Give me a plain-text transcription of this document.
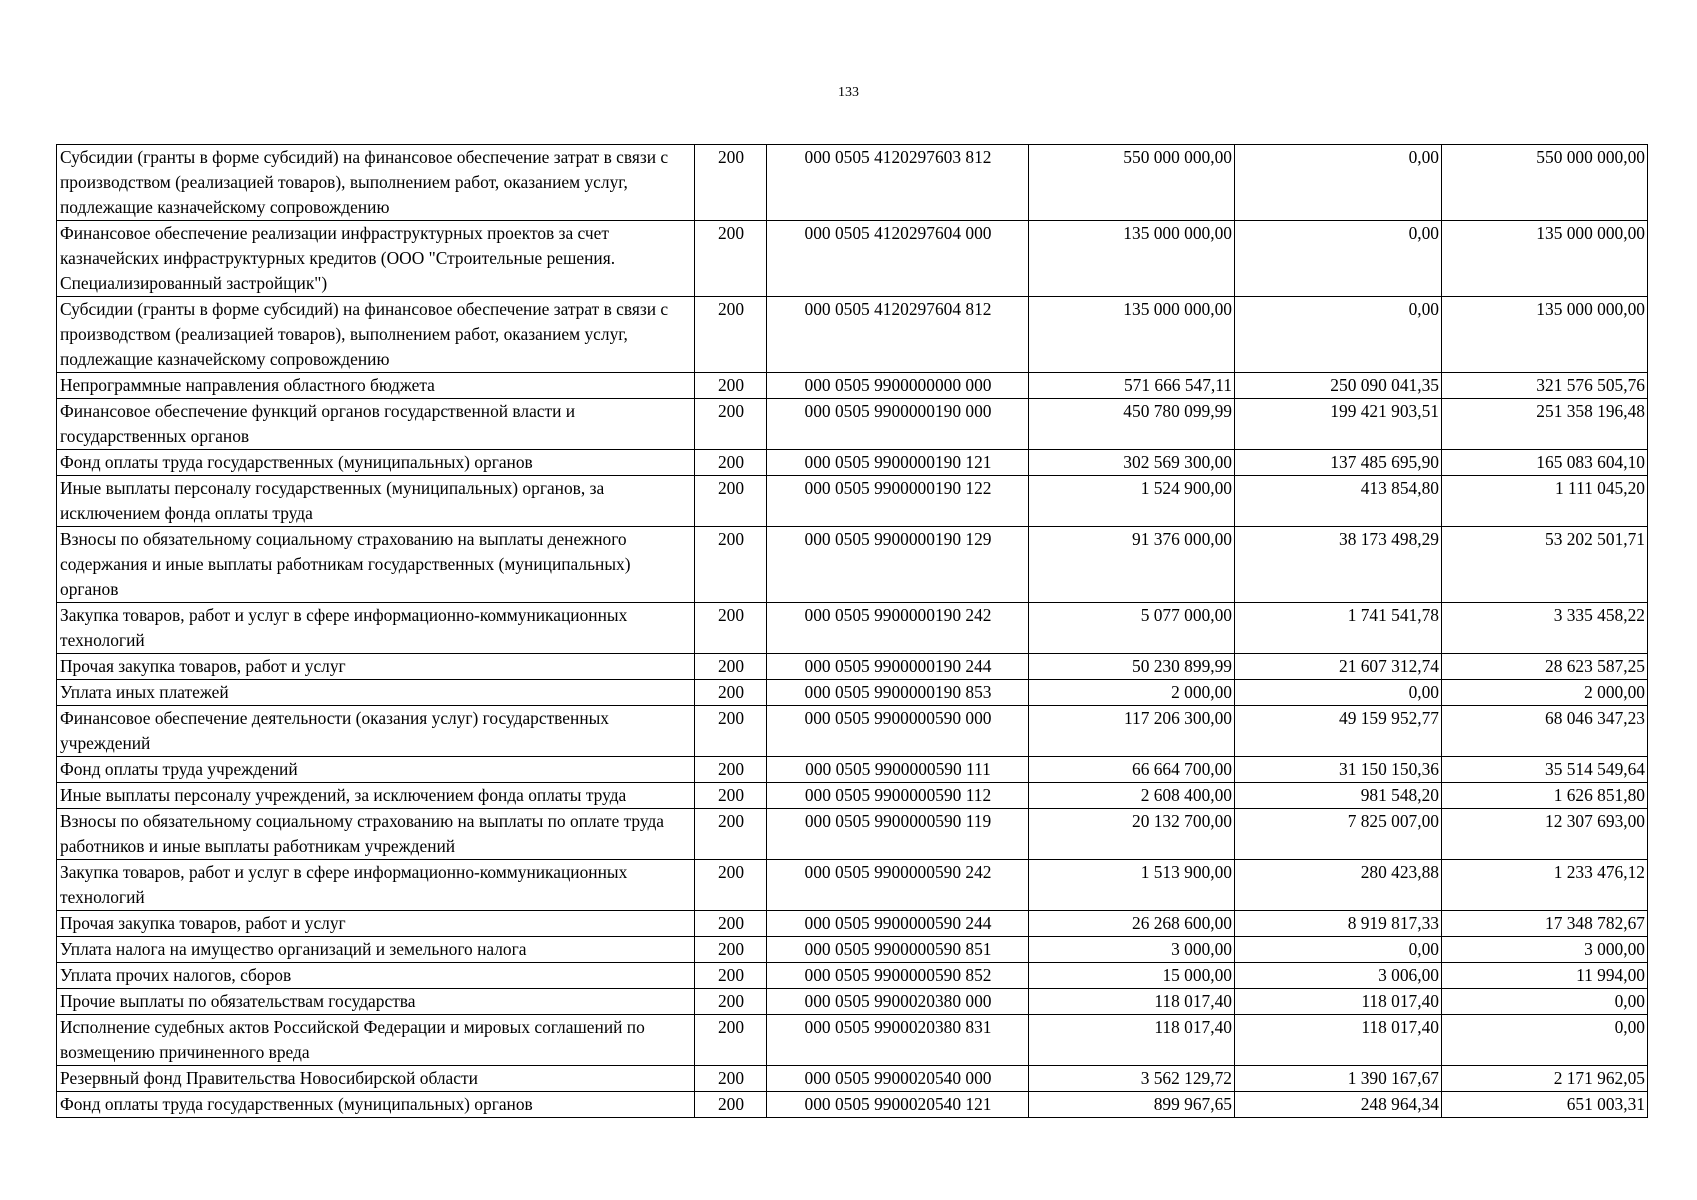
133
Субсидии (гранты в форме субсидий) на финансовое обеспечение затрат в связи с производством (реализацией товаров), выполнением работ, оказанием услуг, подлежащие казначейскому сопровождению	200	000 0505 4120297603 812	550 000 000,00	0,00	550 000 000,00
Финансовое обеспечение реализации инфраструктурных проектов за счет казначейских инфраструктурных кредитов (ООО "Строительные решения. Специализированный застройщик")	200	000 0505 4120297604 000	135 000 000,00	0,00	135 000 000,00
Субсидии (гранты в форме субсидий) на финансовое обеспечение затрат в связи с производством (реализацией товаров), выполнением работ, оказанием услуг, подлежащие казначейскому сопровождению	200	000 0505 4120297604 812	135 000 000,00	0,00	135 000 000,00
Непрограммные направления областного бюджета	200	000 0505 9900000000 000	571 666 547,11	250 090 041,35	321 576 505,76
Финансовое обеспечение функций органов государственной власти и государственных органов	200	000 0505 9900000190 000	450 780 099,99	199 421 903,51	251 358 196,48
Фонд оплаты труда государственных (муниципальных) органов	200	000 0505 9900000190 121	302 569 300,00	137 485 695,90	165 083 604,10
Иные выплаты персоналу государственных (муниципальных) органов, за исключением фонда оплаты труда	200	000 0505 9900000190 122	1 524 900,00	413 854,80	1 111 045,20
Взносы по обязательному социальному страхованию на выплаты денежного содержания и иные выплаты работникам государственных (муниципальных) органов	200	000 0505 9900000190 129	91 376 000,00	38 173 498,29	53 202 501,71
Закупка товаров, работ и услуг в сфере информационно-коммуникационных технологий	200	000 0505 9900000190 242	5 077 000,00	1 741 541,78	3 335 458,22
Прочая закупка товаров, работ и услуг	200	000 0505 9900000190 244	50 230 899,99	21 607 312,74	28 623 587,25
Уплата иных платежей	200	000 0505 9900000190 853	2 000,00	0,00	2 000,00
Финансовое обеспечение деятельности (оказания услуг) государственных учреждений	200	000 0505 9900000590 000	117 206 300,00	49 159 952,77	68 046 347,23
Фонд оплаты труда учреждений	200	000 0505 9900000590 111	66 664 700,00	31 150 150,36	35 514 549,64
Иные выплаты персоналу учреждений, за исключением фонда оплаты труда	200	000 0505 9900000590 112	2 608 400,00	981 548,20	1 626 851,80
Взносы по обязательному социальному страхованию на выплаты по оплате труда работников и иные выплаты работникам учреждений	200	000 0505 9900000590 119	20 132 700,00	7 825 007,00	12 307 693,00
Закупка товаров, работ и услуг в сфере информационно-коммуникационных технологий	200	000 0505 9900000590 242	1 513 900,00	280 423,88	1 233 476,12
Прочая закупка товаров, работ и услуг	200	000 0505 9900000590 244	26 268 600,00	8 919 817,33	17 348 782,67
Уплата налога на имущество организаций и земельного налога	200	000 0505 9900000590 851	3 000,00	0,00	3 000,00
Уплата прочих налогов, сборов	200	000 0505 9900000590 852	15 000,00	3 006,00	11 994,00
Прочие выплаты по обязательствам государства	200	000 0505 9900020380 000	118 017,40	118 017,40	0,00
Исполнение судебных актов Российской Федерации и мировых соглашений по возмещению причиненного вреда	200	000 0505 9900020380 831	118 017,40	118 017,40	0,00
Резервный фонд Правительства Новосибирской области	200	000 0505 9900020540 000	3 562 129,72	1 390 167,67	2 171 962,05
Фонд оплаты труда государственных (муниципальных) органов	200	000 0505 9900020540 121	899 967,65	248 964,34	651 003,31
